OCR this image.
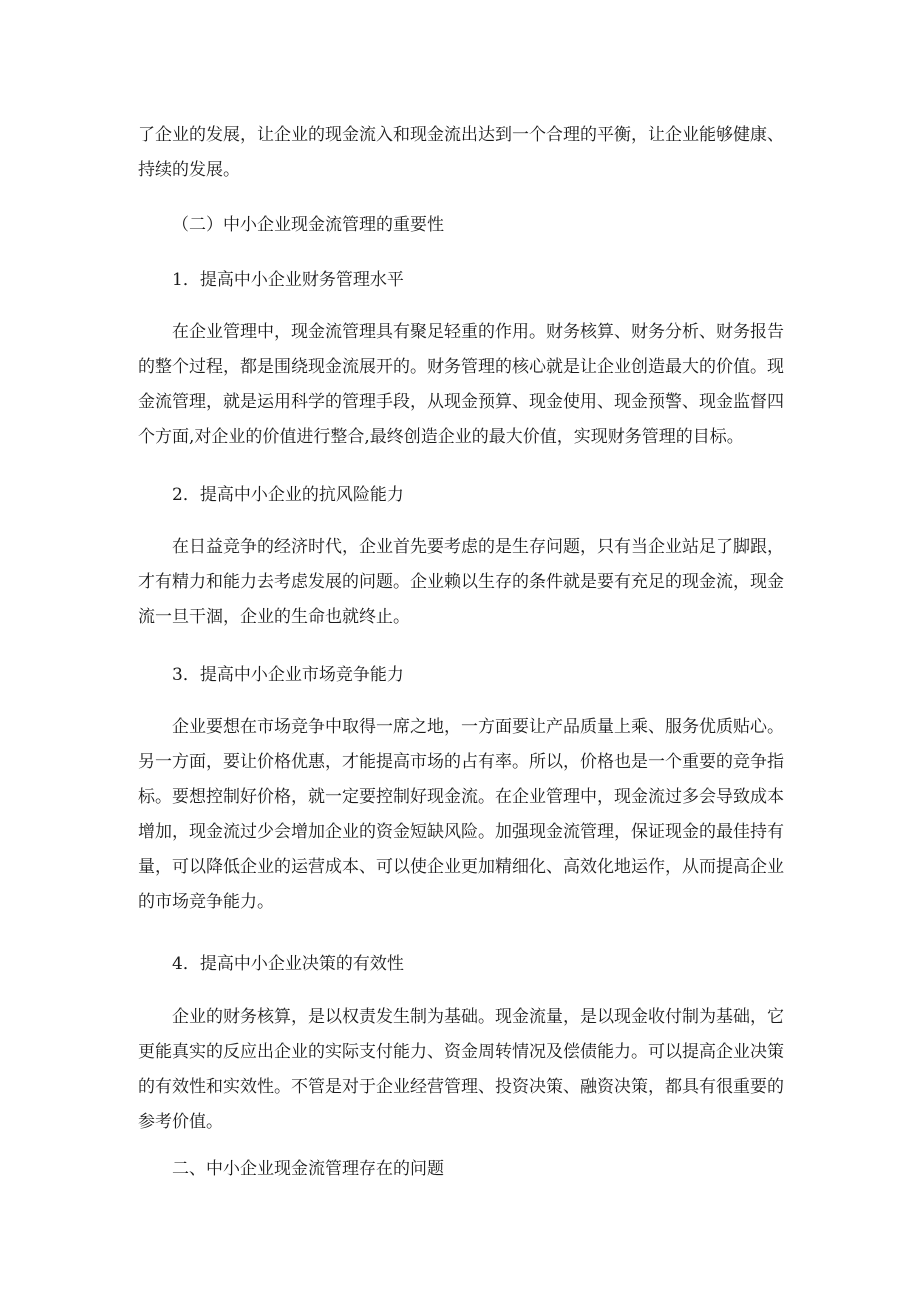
了企业的发展，让企业的现金流入和现金流出达到一个合理的平衡，让企业能够健康、持续的发展。

（二）中小企业现金流管理的重要性

1．提高中小企业财务管理水平

在企业管理中，现金流管理具有聚足轻重的作用。财务核算、财务分析、财务报告的整个过程，都是围绕现金流展开的。财务管理的核心就是让企业创造最大的价值。现金流管理，就是运用科学的管理手段，从现金预算、现金使用、现金预警、现金监督四个方面,对企业的价值进行整合,最终创造企业的最大价值，实现财务管理的目标。

2．提高中小企业的抗风险能力

在日益竞争的经济时代，企业首先要考虑的是生存问题，只有当企业站足了脚跟，才有精力和能力去考虑发展的问题。企业赖以生存的条件就是要有充足的现金流，现金流一旦干涸，企业的生命也就终止。

3．提高中小企业市场竞争能力

企业要想在市场竞争中取得一席之地，一方面要让产品质量上乘、服务优质贴心。另一方面，要让价格优惠，才能提高市场的占有率。所以，价格也是一个重要的竞争指标。要想控制好价格，就一定要控制好现金流。在企业管理中，现金流过多会导致成本增加，现金流过少会增加企业的资金短缺风险。加强现金流管理，保证现金的最佳持有量，可以降低企业的运营成本、可以使企业更加精细化、高效化地运作，从而提高企业的市场竞争能力。

4．提高中小企业决策的有效性

企业的财务核算，是以权责发生制为基础。现金流量，是以现金收付制为基础，它更能真实的反应出企业的实际支付能力、资金周转情况及偿债能力。可以提高企业决策的有效性和实效性。不管是对于企业经营管理、投资决策、融资决策，都具有很重要的参考价值。

二、中小企业现金流管理存在的问题
